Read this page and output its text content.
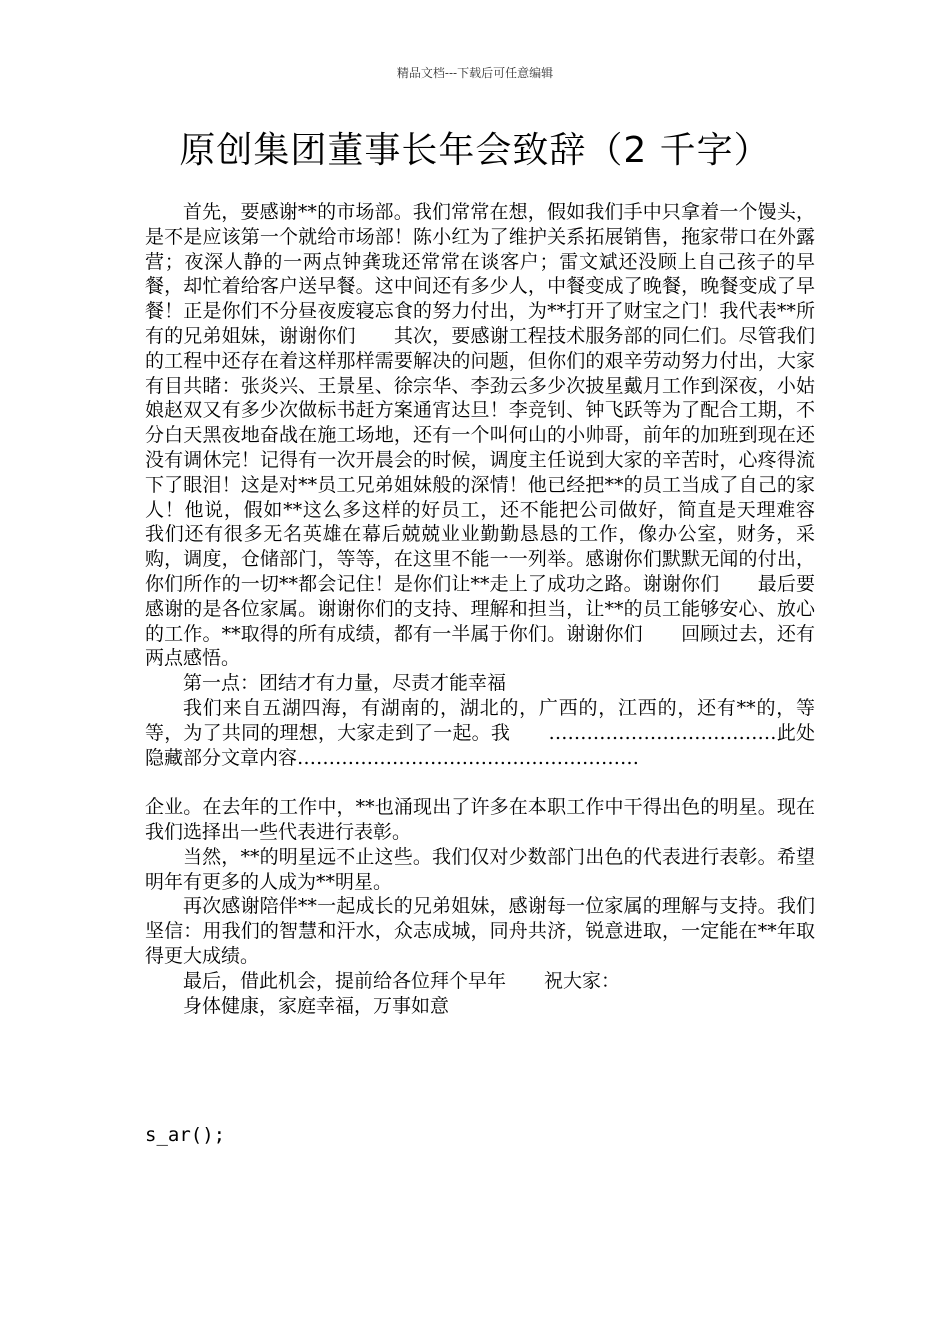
精品文档---下载后可任意编辑
原创集团董事长年会致辞（2 千字）

首先，要感谢**的市场部。我们常常在想，假如我们手中只拿着一个馒头，是不是应该第一个就给市场部！陈小红为了维护关系拓展销售，拖家带口在外露营；夜深人静的一两点钟龚珑还常常在谈客户；雷文斌还没顾上自己孩子的早餐，却忙着给客户送早餐。这中间还有多少人，中餐变成了晚餐，晚餐变成了早餐！正是你们不分昼夜废寝忘食的努力付出，为**打开了财宝之门！我代表**所有的兄弟姐妹，谢谢你们　　其次，要感谢工程技术服务部的同仁们。尽管我们的工程中还存在着这样那样需要解决的问题，但你们的艰辛劳动努力付出，大家有目共睹：张炎兴、王景星、徐宗华、李劲云多少次披星戴月工作到深夜，小姑娘赵双又有多少次做标书赶方案通宵达旦！李竞钊、钟飞跃等为了配合工期，不分白天黑夜地奋战在施工场地，还有一个叫何山的小帅哥，前年的加班到现在还没有调休完！记得有一次开晨会的时候，调度主任说到大家的辛苦时，心疼得流下了眼泪！这是对**员工兄弟姐妹般的深情！他已经把**的员工当成了自己的家人！他说，假如**这么多这样的好员工，还不能把公司做好，简直是天理难容　　我们还有很多无名英雄在幕后兢兢业业勤勤恳恳的工作，像办公室，财务，采购，调度，仓储部门，等等，在这里不能一一列举。感谢你们默默无闻的付出，你们所作的一切**都会记住！是你们让**走上了成功之路。谢谢你们　　最后要感谢的是各位家属。谢谢你们的支持、理解和担当，让**的员工能够安心、放心的工作。**取得的所有成绩，都有一半属于你们。谢谢你们　　回顾过去，还有两点感悟。

第一点：团结才有力量，尽责才能幸福

我们来自五湖四海，有湖南的，湖北的，广西的，江西的，还有**的，等等，为了共同的理想，大家走到了一起。我　　………………………………此处隐藏部分文章内容………………………………………………

企业。在去年的工作中，**也涌现出了许多在本职工作中干得出色的明星。现在我们选择出一些代表进行表彰。

当然，**的明星远不止这些。我们仅对少数部门出色的代表进行表彰。希望明年有更多的人成为**明星。

再次感谢陪伴**一起成长的兄弟姐妹，感谢每一位家属的理解与支持。我们坚信：用我们的智慧和汗水，众志成城，同舟共济，锐意进取，一定能在**年取得更大成绩。

最后，借此机会，提前给各位拜个早年　　祝大家：

身体健康，家庭幸福，万事如意

s_ar();
